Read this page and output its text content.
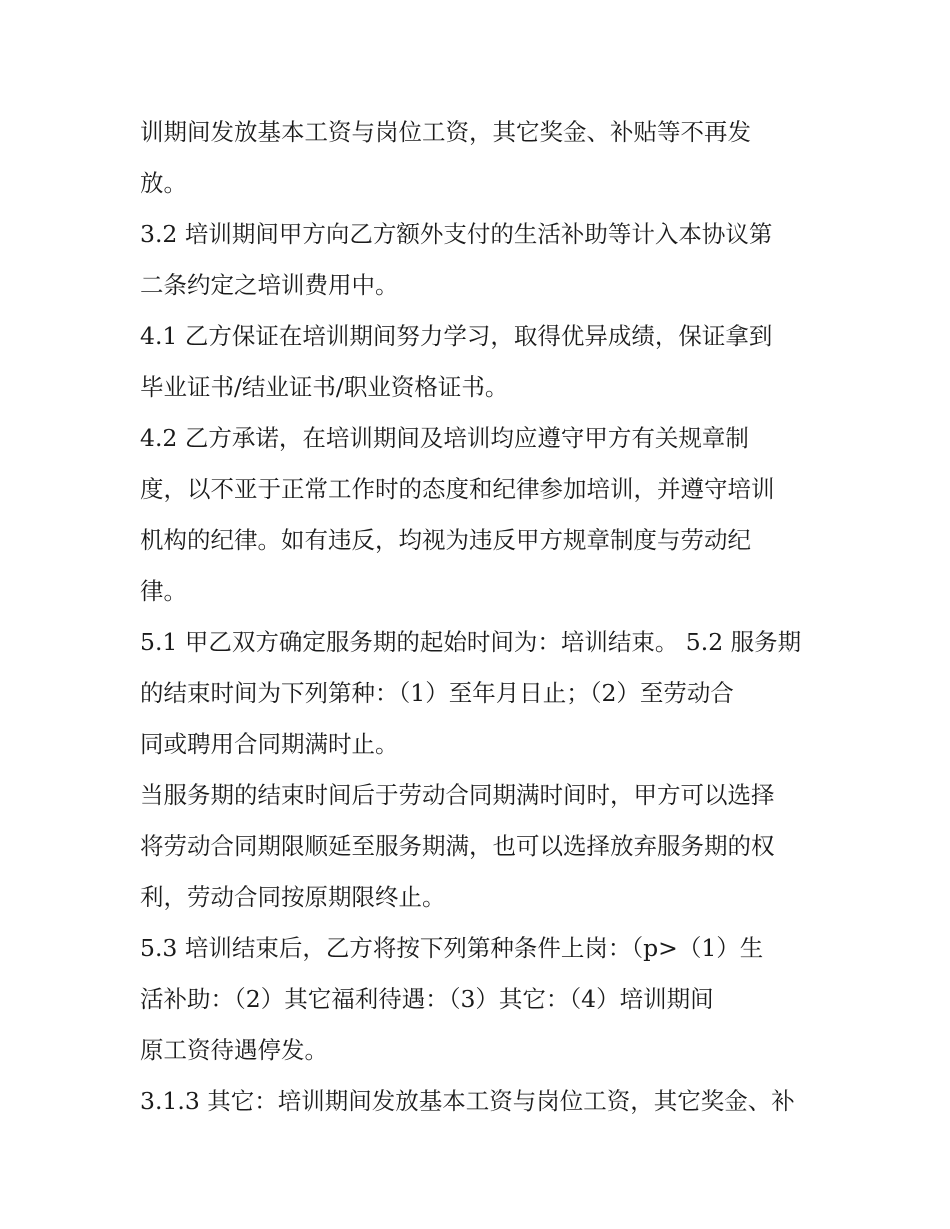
训期间发放基本工资与岗位工资，其它奖金、补贴等不再发
放。
3.2 培训期间甲方向乙方额外支付的生活补助等计入本协议第
二条约定之培训费用中。
4.1 乙方保证在培训期间努力学习，取得优异成绩，保证拿到
毕业证书/结业证书/职业资格证书。
4.2 乙方承诺，在培训期间及培训均应遵守甲方有关规章制
度，以不亚于正常工作时的态度和纪律参加培训，并遵守培训
机构的纪律。如有违反，均视为违反甲方规章制度与劳动纪
律。
5.1 甲乙双方确定服务期的起始时间为：培训结束。 5.2 服务期
的结束时间为下列第种：（1）至年月日止；（2）至劳动合
同或聘用合同期满时止。
当服务期的结束时间后于劳动合同期满时间时，甲方可以选择
将劳动合同期限顺延至服务期满，也可以选择放弃服务期的权
利，劳动合同按原期限终止。
5.3 培训结束后，乙方将按下列第种条件上岗：（p>（1）生
活补助：（2）其它福利待遇：（3）其它：（4）培训期间
原工资待遇停发。
3.1.3 其它：培训期间发放基本工资与岗位工资，其它奖金、补
